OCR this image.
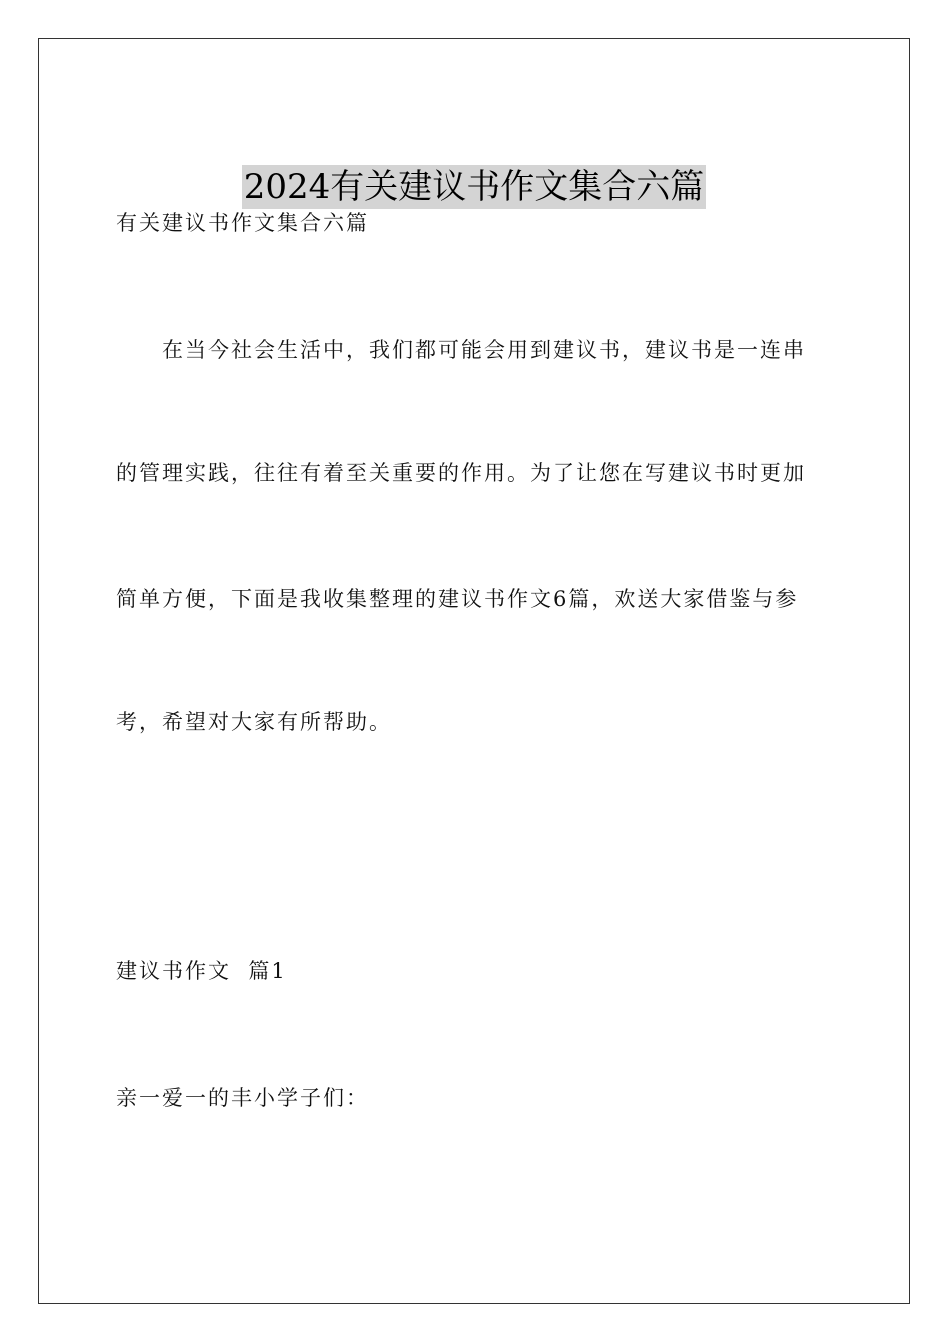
2024有关建议书作文集合六篇
有关建议书作文集合六篇
在当今社会生活中，我们都可能会用到建议书，建议书是一连串
的管理实践，往往有着至关重要的作用。为了让您在写建议书时更加
简单方便，下面是我收集整理的建议书作文6篇，欢送大家借鉴与参
考，希望对大家有所帮助。
建议书作文  篇1
亲一爱一的丰小学子们：
